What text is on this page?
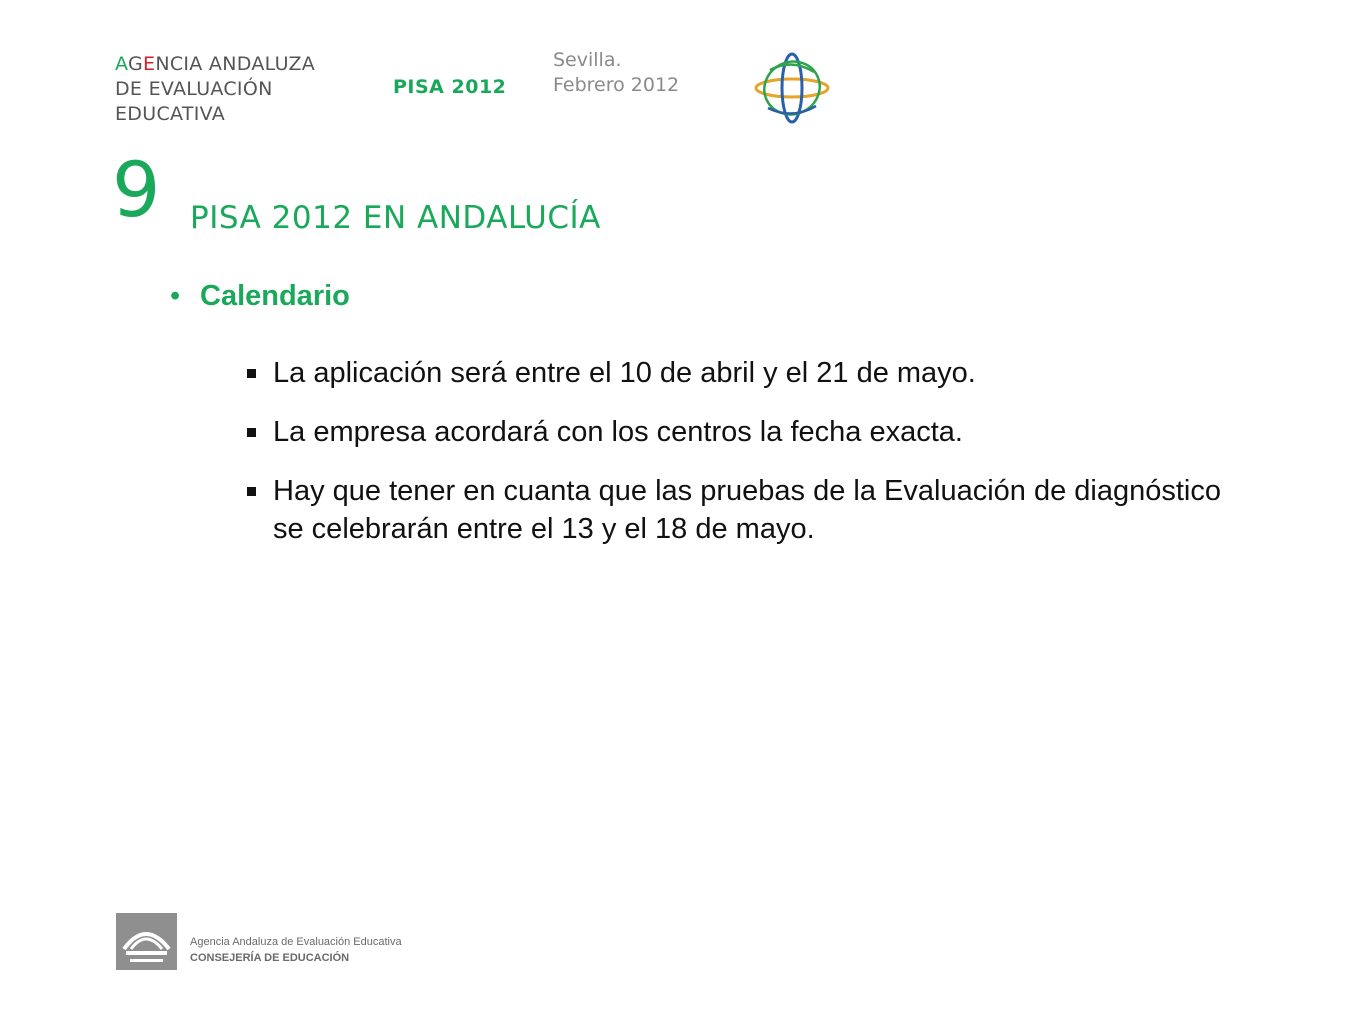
AGENCIA ANDALUZA
DE EVALUACIÓN
EDUCATIVA
PISA 2012
Sevilla.
Febrero 2012
9 PISA 2012 EN ANDALUCÍA
• Calendario
La aplicación será entre el 10 de abril y el 21 de mayo.
La empresa acordará con los centros la fecha exacta.
Hay que tener en cuanta que las pruebas de la Evaluación de diagnóstico se celebrarán entre el 13 y el 18 de mayo.
Agencia Andaluza de Evaluación Educativa
CONSEJERÍA DE EDUCACIÓN
